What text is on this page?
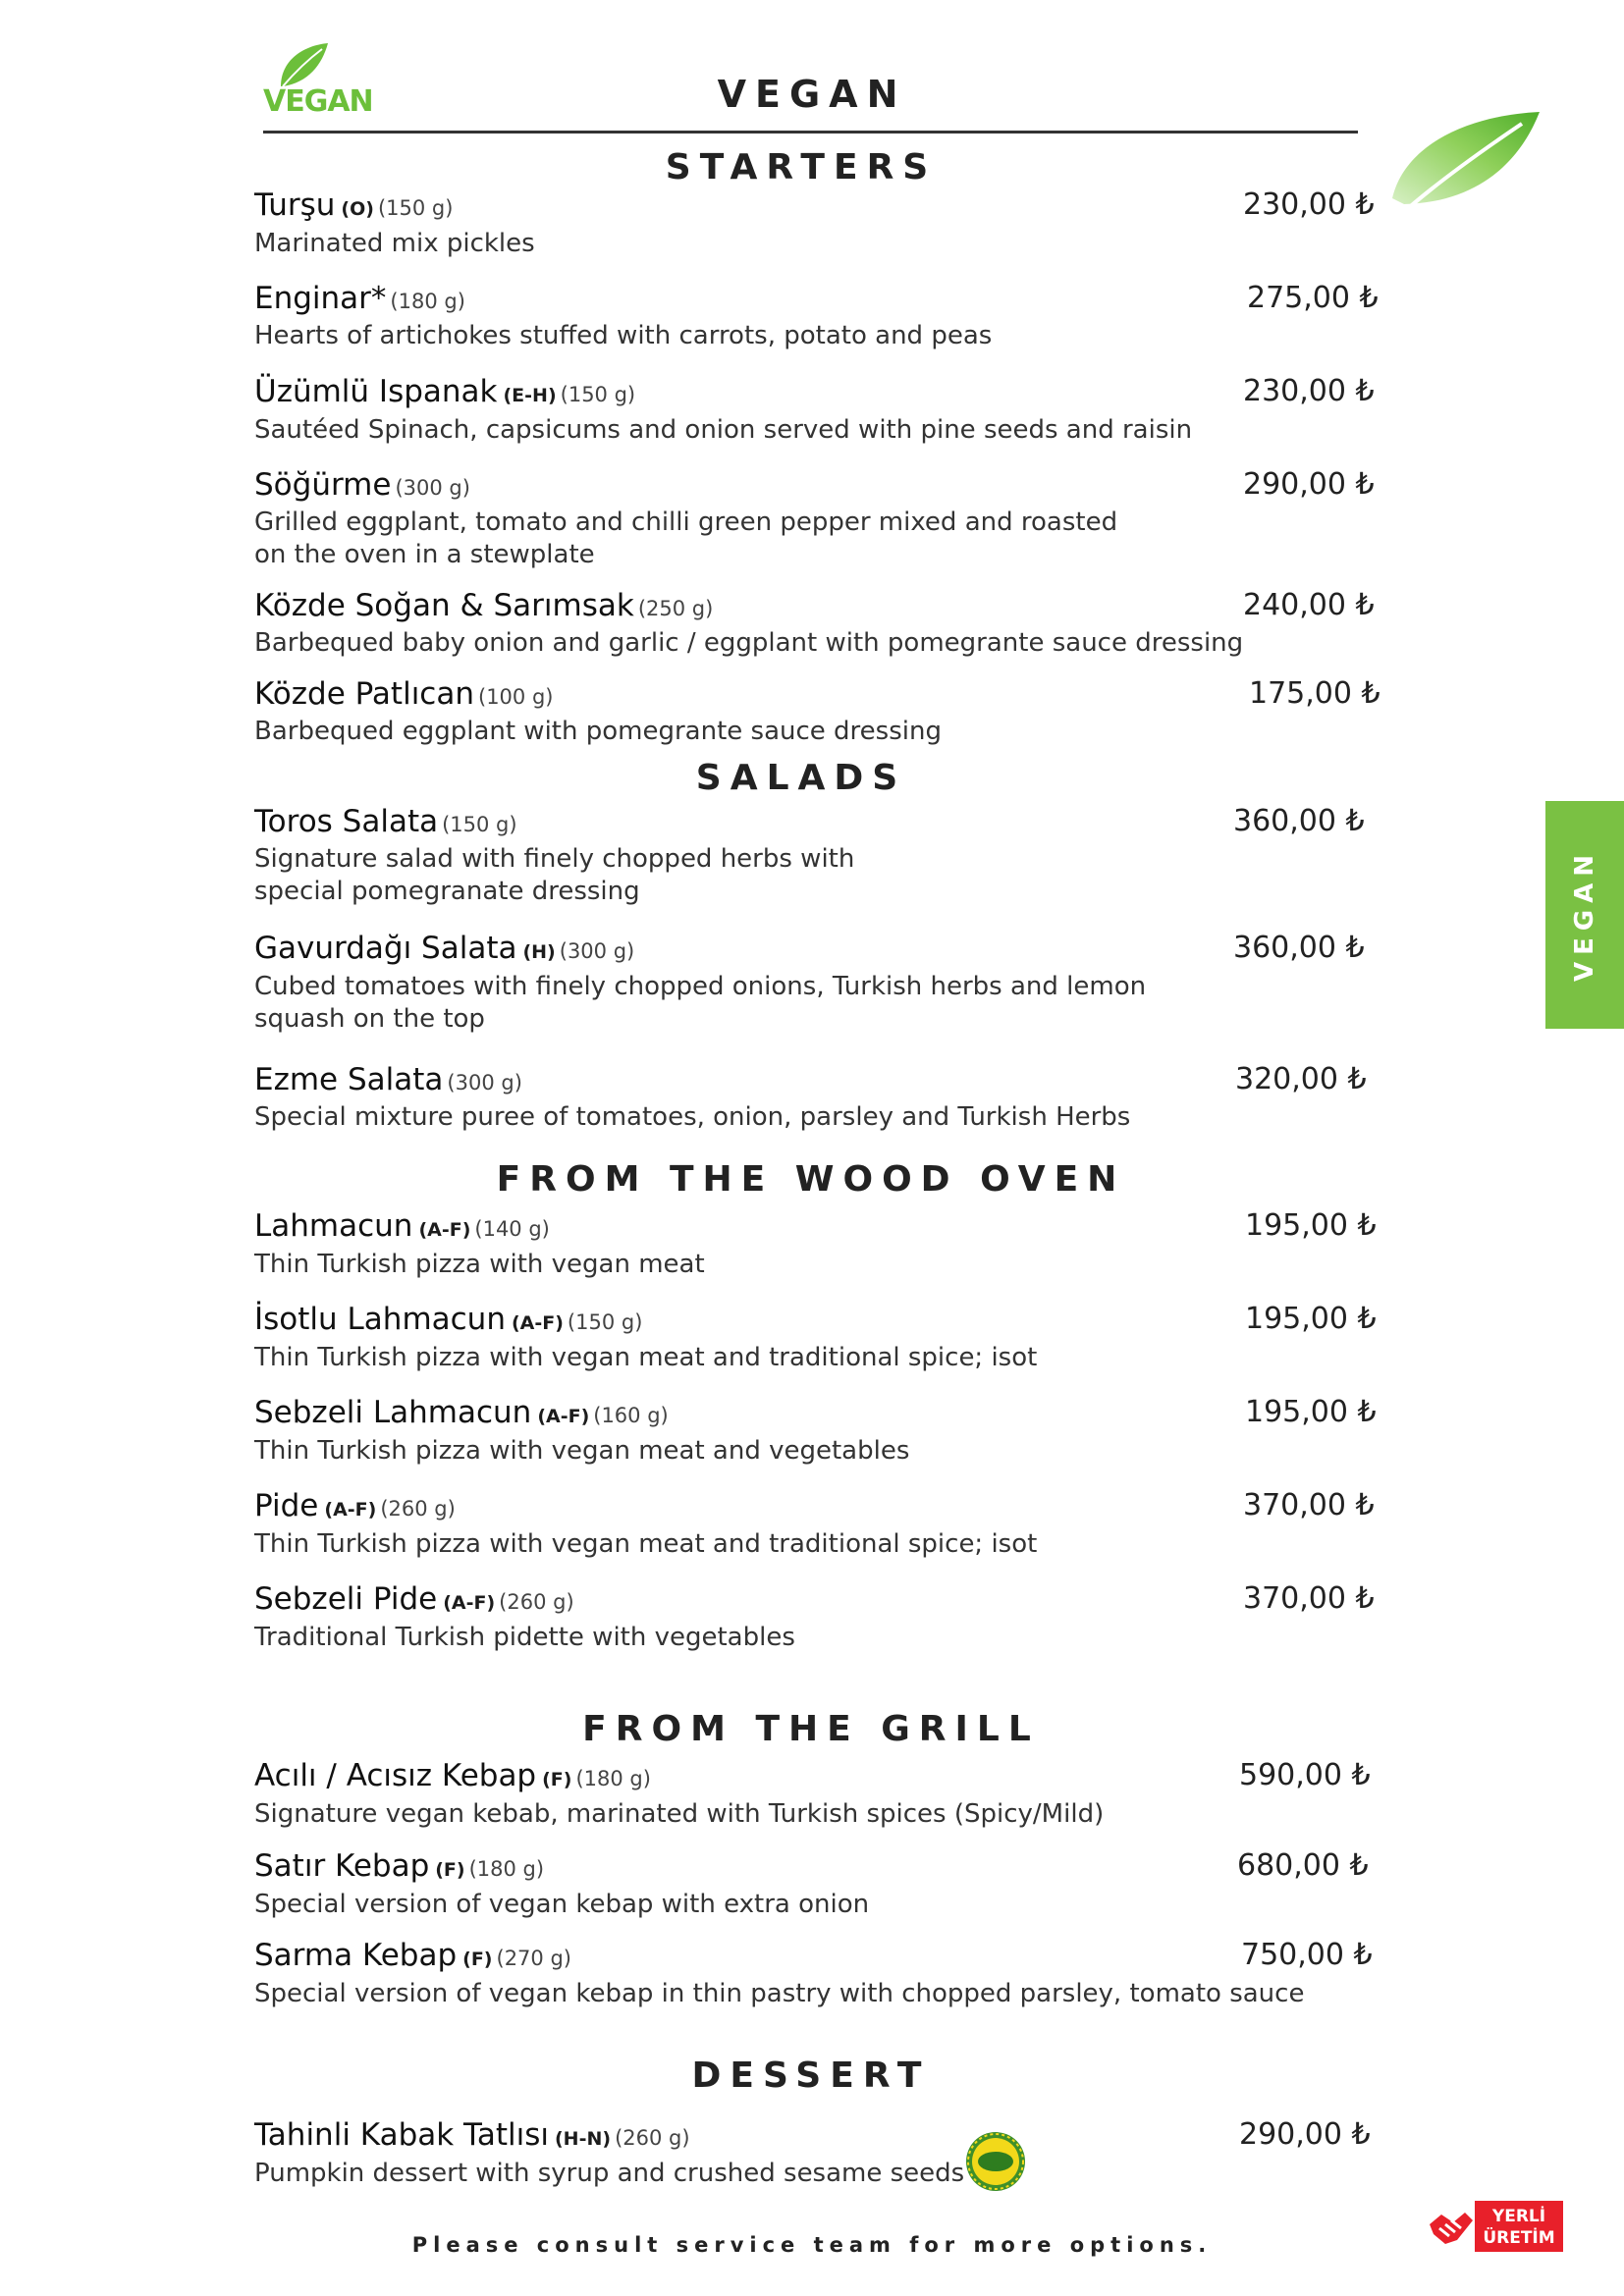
VEGAN	VEGAN
STARTERS
SALADS
FROM THE WOOD OVEN
FROM THE GRILL
DESSERT
Turşu (O) (150 g)	230,00 ₺
Marinated mix pickles
Enginar* (180 g)	275,00 ₺
Hearts of artichokes stuffed with carrots, potato and peas
Üzümlü Ispanak (E-H) (150 g)	230,00 ₺
Sautéed Spinach, capsicums and onion served with pine seeds and raisin
Söğürme (300 g)	290,00 ₺
Grilled eggplant, tomato and chilli green pepper mixed and roasted
on the oven in a stewplate
Közde Soğan & Sarımsak (250 g)	240,00 ₺
Barbequed baby onion and garlic / eggplant with pomegrante sauce dressing
Közde Patlıcan (100 g)	175,00 ₺
Barbequed eggplant with pomegrante sauce dressing
Toros Salata (150 g)	360,00 ₺
Signature salad with finely chopped herbs with
special pomegranate dressing
Gavurdağı Salata (H) (300 g)	360,00 ₺
Cubed tomatoes with finely chopped onions, Turkish herbs and lemon
squash on the top
Ezme Salata (300 g)	320,00 ₺
Special mixture puree of tomatoes, onion, parsley and Turkish Herbs
Lahmacun (A-F) (140 g)	195,00 ₺
Thin Turkish pizza with vegan meat
İsotlu Lahmacun (A-F) (150 g)	195,00 ₺
Thin Turkish pizza with vegan meat and traditional spice; isot
Sebzeli Lahmacun (A-F) (160 g)	195,00 ₺
Thin Turkish pizza with vegan meat and vegetables
Pide (A-F) (260 g)	370,00 ₺
Thin Turkish pizza with vegan meat and traditional spice; isot
Sebzeli Pide (A-F) (260 g)	370,00 ₺
Traditional Turkish pidette with vegetables
Acılı / Acısız Kebap (F) (180 g)	590,00 ₺
Signature vegan kebab, marinated with Turkish spices (Spicy/Mild)
Satır Kebap (F) (180 g)	680,00 ₺
Special version of vegan kebap with extra onion
Sarma Kebap (F) (270 g)	750,00 ₺
Special version of vegan kebap in thin pastry with chopped parsley, tomato sauce
Tahinli Kabak Tatlısı (H-N) (260 g)	290,00 ₺
Pumpkin dessert with syrup and crushed sesame seeds
VEGAN
YERLİ
ÜRETİM
Please consult service team for more options.
